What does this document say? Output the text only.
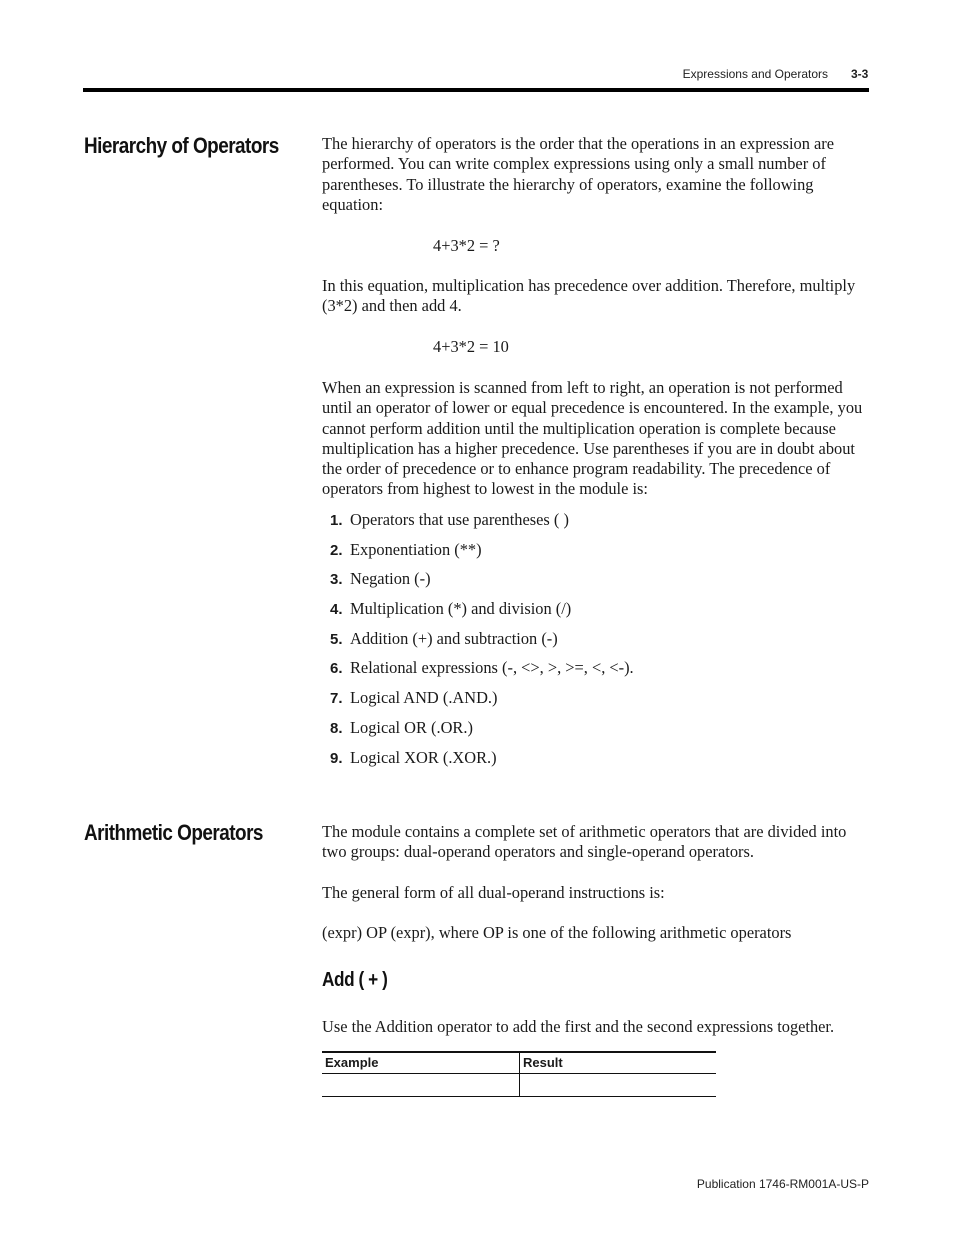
Expressions and Operators 3-3
Hierarchy of Operators	The hierarchy of operators is the order that the operations in an expression are performed. You can write complex expressions using only a small number of parentheses. To illustrate the hierarchy of operators, examine the following equation:

4+3*2 = ?

In this equation, multiplication has precedence over addition. Therefore, multiply (3*2) and then add 4.

4+3*2 = 10

When an expression is scanned from left to right, an operation is not performed until an operator of lower or equal precedence is encountered. In the example, you cannot perform addition until the multiplication operation is complete because multiplication has a higher precedence. Use parentheses if you are in doubt about the order of precedence or to enhance program readability. The precedence of operators from highest to lowest in the module is:

1. Operators that use parentheses ( )
2. Exponentiation (**)
3. Negation (-)
4. Multiplication (*) and division (/)
5. Addition (+) and subtraction (-)
6. Relational expressions (-, <>, >, >=, <, <-).
7. Logical AND (.AND.)
8. Logical OR (.OR.)
9. Logical XOR (.XOR.)
Arithmetic Operators	The module contains a complete set of arithmetic operators that are divided into two groups: dual-operand operators and single-operand operators.

The general form of all dual-operand instructions is:

(expr) OP (expr), where OP is one of the following arithmetic operators

Add ( + )

Use the Addition operator to add the first and the second expressions together.

Example	Result

Publication 1746-RM001A-US-P
